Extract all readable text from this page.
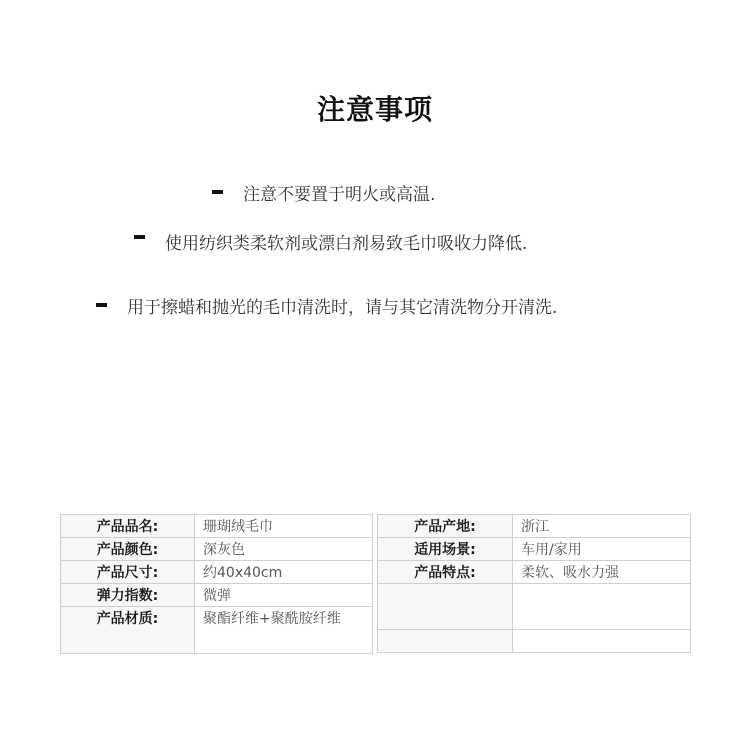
注意事项
注意不要置于明火或高温.
使用纺织类柔软剂或漂白剂易致毛巾吸收力降低.
用于擦蜡和抛光的毛巾清洗时，请与其它清洗物分开清洗.
产品品名:	珊瑚绒毛巾
产品颜色:	深灰色
产品尺寸:	约40x40cm
弹力指数:	微弹
产品材质:	聚酯纤维+聚酰胺纤维
产品产地:	浙江
适用场景:	车用/家用
产品特点:	柔软、吸水力强
